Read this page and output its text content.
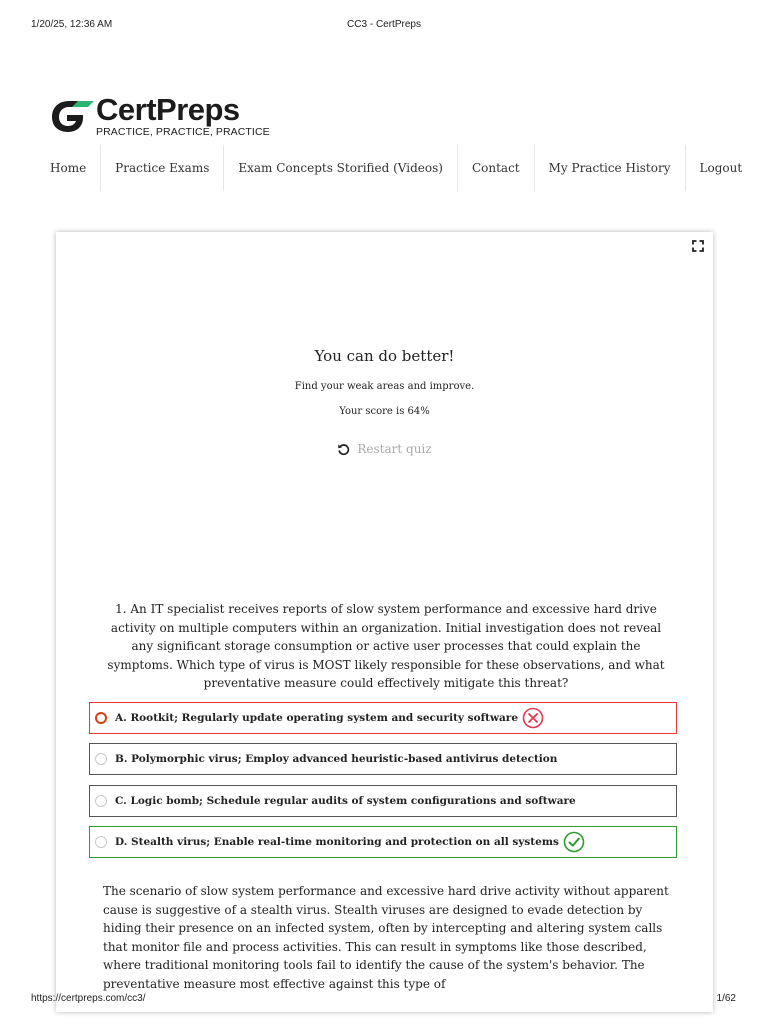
1/20/25, 12:36 AM	CC3 - CertPreps
CertPreps
PRACTICE, PRACTICE, PRACTICE
Home	Practice Exams	Exam Concepts Storified (Videos)	Contact	My Practice History	Logout
You can do better!
Find your weak areas and improve.
Your score is 64%
Restart quiz
1. An IT specialist receives reports of slow system performance and excessive hard drive activity on multiple computers within an organization. Initial investigation does not reveal any significant storage consumption or active user processes that could explain the symptoms. Which type of virus is MOST likely responsible for these observations, and what preventative measure could effectively mitigate this threat?
A. Rootkit; Regularly update operating system and security software
B. Polymorphic virus; Employ advanced heuristic-based antivirus detection
C. Logic bomb; Schedule regular audits of system configurations and software
D. Stealth virus; Enable real-time monitoring and protection on all systems
The scenario of slow system performance and excessive hard drive activity without apparent cause is suggestive of a stealth virus. Stealth viruses are designed to evade detection by hiding their presence on an infected system, often by intercepting and altering system calls that monitor file and process activities. This can result in symptoms like those described, where traditional monitoring tools fail to identify the cause of the system's behavior. The preventative measure most effective against this type of
https://certpreps.com/cc3/	1/62
